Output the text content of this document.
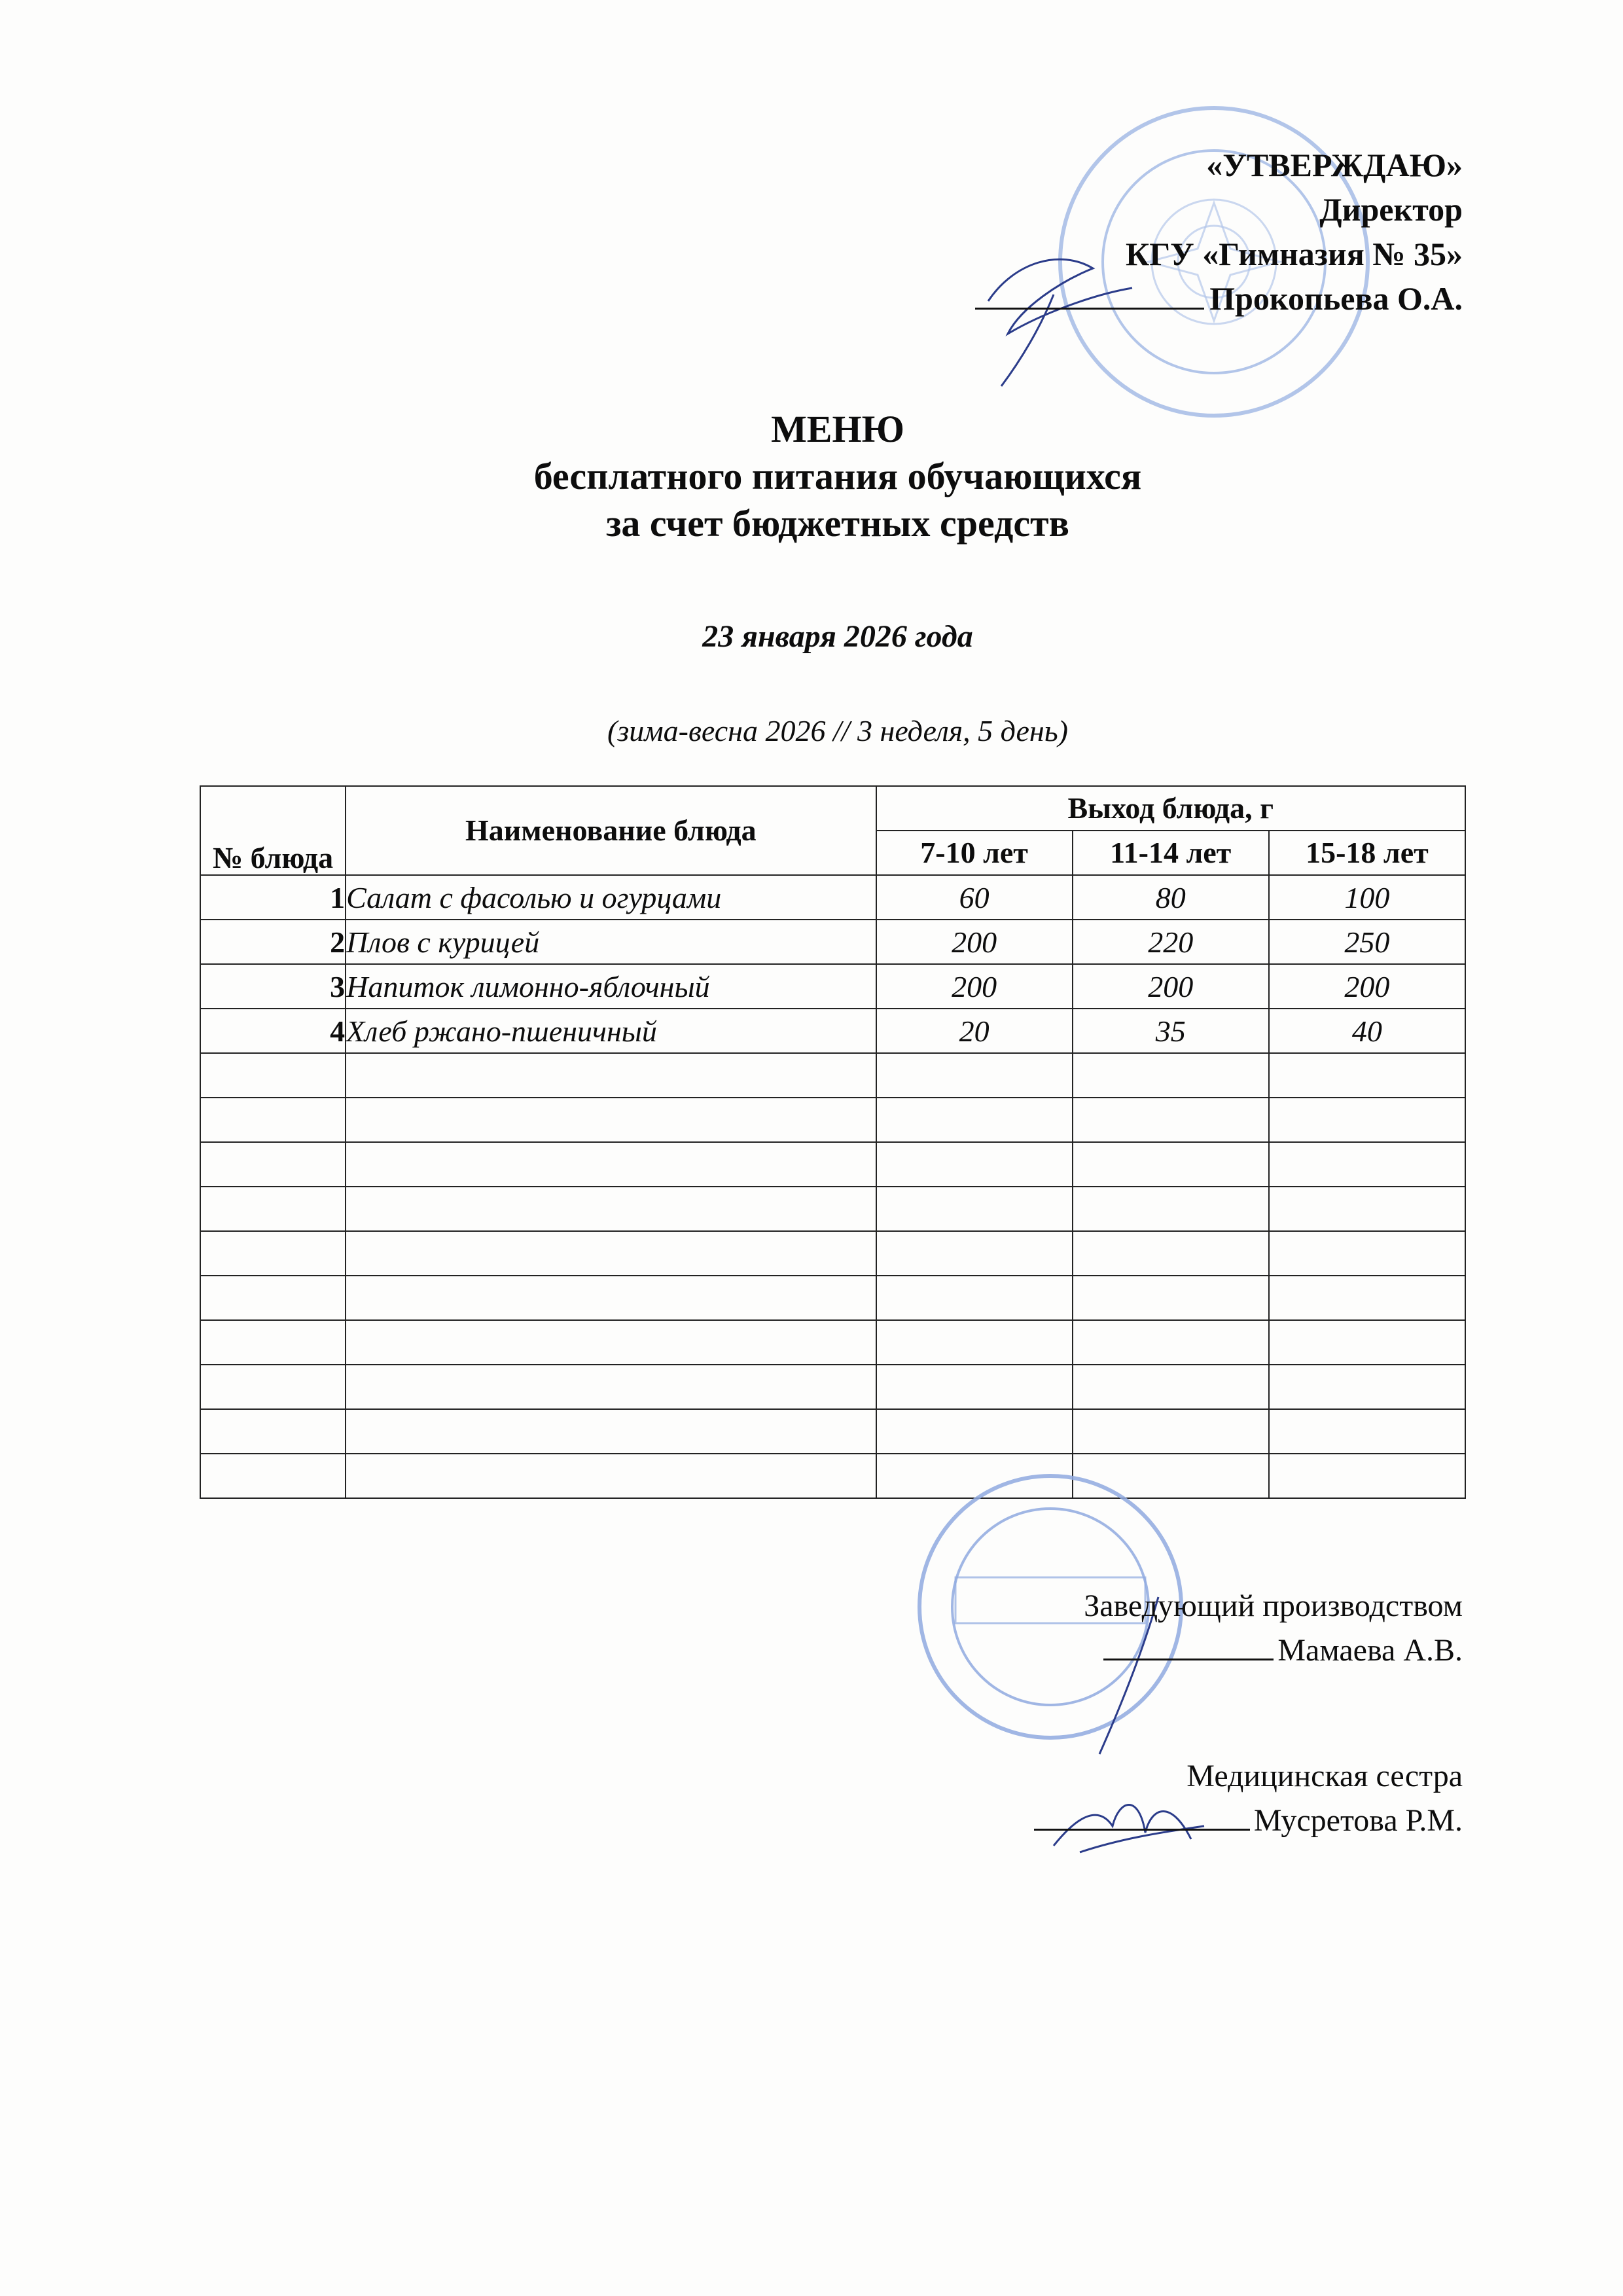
«УТВЕРЖДАЮ»
Директор
КГУ «Гимназия № 35»
Прокопьева О.А.
МЕНЮ
бесплатного питания обучающихся
за счет бюджетных средств
23 января 2026 года
(зима-весна 2026 // 3 неделя, 5 день)
№ блюда	Наименование блюда	Выход блюда, г		
		7-10 лет	11-14 лет	15-18 лет
1	Салат с фасолью и огурцами	60	80	100
2	Плов с курицей	200	220	250
3	Напиток лимонно-яблочный	200	200	200
4	Хлеб ржано-пшеничный	20	35	40

Заведующий производством
Мамаева А.В.
Медицинская сестра
Мусретова Р.М.
